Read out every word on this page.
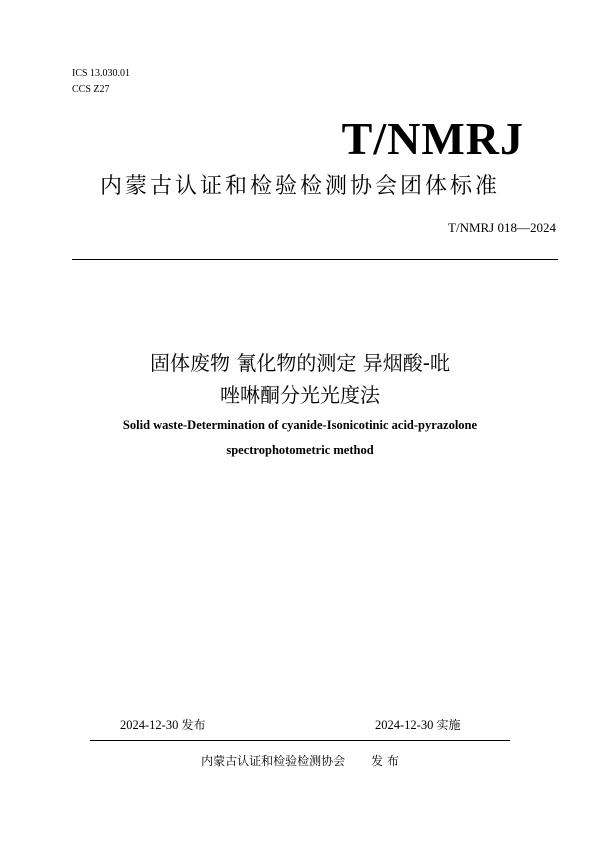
ICS 13.030.01
CCS Z27
T/NMRJ
内蒙古认证和检验检测协会团体标准
T/NMRJ 018—2024
固体废物 氰化物的测定 异烟酸-吡
唑啉酮分光光度法
Solid waste-Determination of cyanide-Isonicotinic acid-pyrazolone
spectrophotometric method
2024-12-30 发布	2024-12-30 实施
内蒙古认证和检验检测协会 发 布
